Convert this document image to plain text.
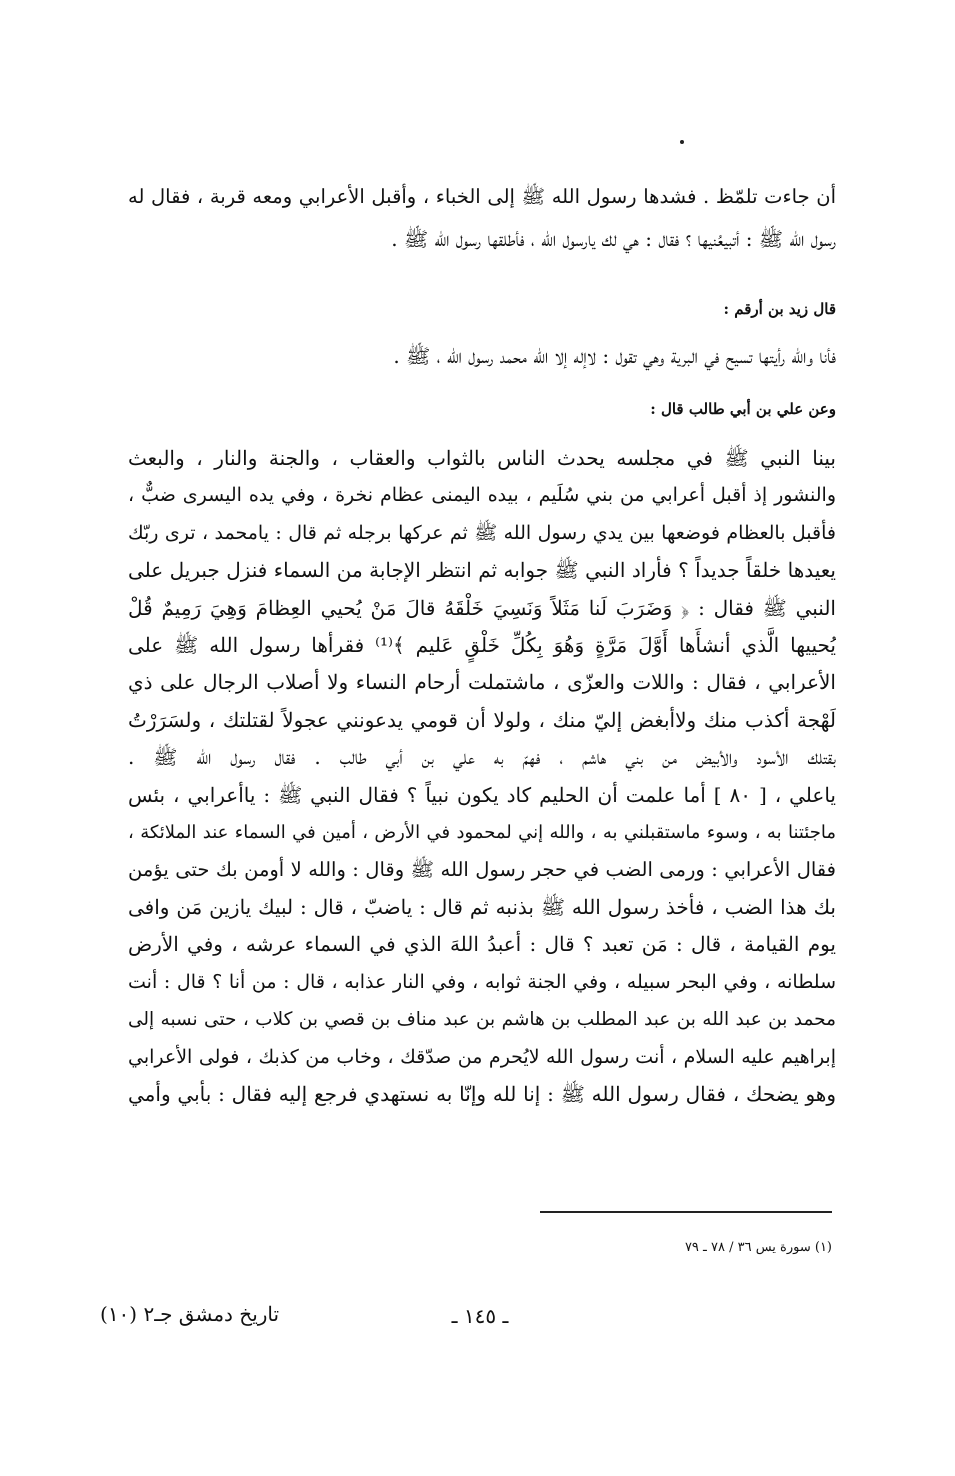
أن جاءت تلمّظ . فشدها رسول الله ﷺ إلى الخباء ، وأقبل الأعرابي ومعه قربة ، فقال له
رسول الله ﷺ : أتبيعُنيها ؟ فقال : هي لك يارسول الله ، فأطلقها رسول الله ﷺ .
قال زيد بن أرقم :
فأنا والله رأيتها تسيح في البرية وهي تقول : لاإله إلا الله محمد رسول الله ، ﷺ .
وعن علي بن أبي طالب قال :
بينا النبي ﷺ في مجلسه يحدث الناس بالثواب والعقاب ، والجنة والنار ، والبعث
والنشور إذ أقبل أعرابي من بني سُلَيم ، بيده اليمنى عظام نخرة ، وفي يده اليسرى ضبٌّ ،
فأقبل بالعظام فوضعها بين يدي رسول الله ﷺ ثم عركها برجله ثم قال : يامحمد ، ترى ربّك
يعيدها خلقاً جديداً ؟ فأراد النبي ﷺ جوابه ثم انتظر الإجابة من السماء فنزل جبريل على
النبي ﷺ فقال : ﴿ وَضَرَبَ لَنا مَثَلاً وَنَسِيَ خَلْقَهُ قالَ مَنْ يُحيي العِظامَ وَهِيَ رَمِيمٌ قُلْ
يُحييها الَّذي أنشأَها أَوَّلَ مَرَّةٍ وَهُوَ بِكُلِّ خَلْقٍ عَليم ﴾⁽¹⁾ فقرأها رسول الله ﷺ على
الأعرابي ، فقال : واللات والعزّى ، ماشتملت أرحام النساء ولا أصلاب الرجال على ذي
لَهْجة أكذب منك ولاأبغض إليّ منك ، ولولا أن قومي يدعونني عجولاً لقتلتك ، ولسَرَرْتُ
بقتلك الأسود والأبيض من بني هاشم ، فهمّ به علي بن أبي طالب . فقال رسول الله ﷺ .
ياعلي ، [ ٨٠ ] أما علمت أن الحليم كاد يكون نبياً ؟ فقال النبي ﷺ : ياأعرابي ، بئس
ماجئتنا به ، وسوء ماستقبلني به ، والله إني لمحمود في الأرض ، أمين في السماء عند الملائكة ،
فقال الأعرابي : ورمى الضب في حجر رسول الله ﷺ وقال : والله لا أومن بك حتى يؤمن
بك هذا الضب ، فأخذ رسول الله ﷺ بذنبه ثم قال : ياضبّ ، قال : لبيك يازين مَن وافى
يوم القيامة ، قال : مَن تعبد ؟ قال : أعبدُ اللهَ الذي في السماء عرشه ، وفي الأرض
سلطانه ، وفي البحر سبيله ، وفي الجنة ثوابه ، وفي النار عذابه ، قال : من أنا ؟ قال : أنت
محمد بن عبد الله بن عبد المطلب بن هاشم بن عبد مناف بن قصي بن كلاب ، حتى نسبه إلى
إبراهيم عليه السلام ، أنت رسول الله لايُحرم من صدّقك ، وخاب من كذبك ، فولى الأعرابي
وهو يضحك ، فقال رسول الله ﷺ : إنا لله وإنّا به نستهدي فرجع إليه فقال : بأبي وأمي
(١) سورة يس ٣٦ / ٧٨ ـ ٧٩
ـ ١٤٥ ـ
تاريخ دمشق جـ٢ (١٠)
